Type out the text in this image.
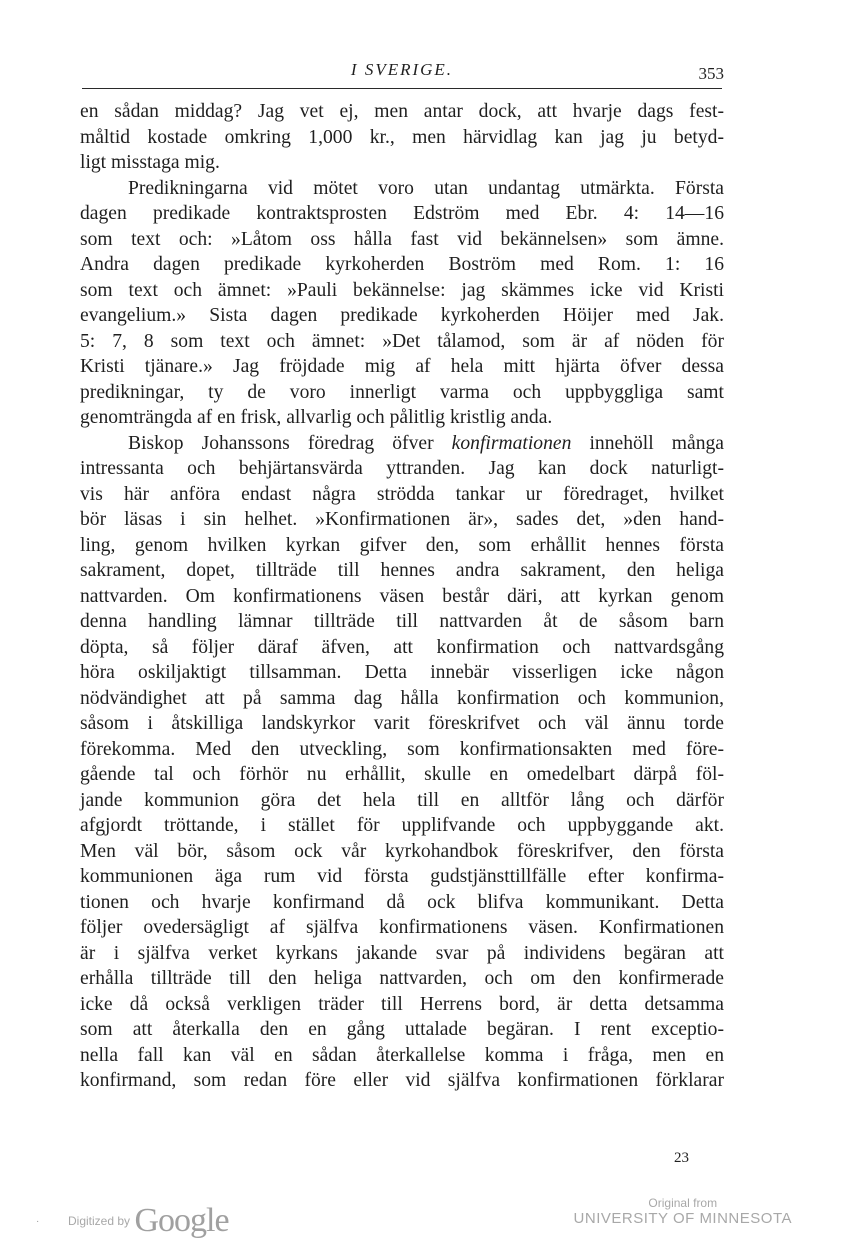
I SVERIGE.	353
en sådan middag? Jag vet ej, men antar dock, att hvarje dags fest-
måltid kostade omkring 1,000 kr., men härvidlag kan jag ju betyd-
ligt misstaga mig.
Predikningarna vid mötet voro utan undantag utmärkta. Första
dagen predikade kontraktsprosten Edström med Ebr. 4: 14—16
som text och: »Låtom oss hålla fast vid bekännelsen» som ämne.
Andra dagen predikade kyrkoherden Boström med Rom. 1: 16
som text och ämnet: »Pauli bekännelse: jag skämmes icke vid Kristi
evangelium.» Sista dagen predikade kyrkoherden Höijer med Jak.
5: 7, 8 som text och ämnet: »Det tålamod, som är af nöden för
Kristi tjänare.» Jag fröjdade mig af hela mitt hjärta öfver dessa
predikningar, ty de voro innerligt varma och uppbyggliga samt
genomträngda af en frisk, allvarlig och pålitlig kristlig anda.
Biskop Johanssons föredrag öfver konfirmationen innehöll många
intressanta och behjärtansvärda yttranden. Jag kan dock naturligt-
vis här anföra endast några strödda tankar ur föredraget, hvilket
bör läsas i sin helhet. »Konfirmationen är», sades det, »den hand-
ling, genom hvilken kyrkan gifver den, som erhållit hennes första
sakrament, dopet, tillträde till hennes andra sakrament, den heliga
nattvarden. Om konfirmationens väsen består däri, att kyrkan genom
denna handling lämnar tillträde till nattvarden åt de såsom barn
döpta, så följer däraf äfven, att konfirmation och nattvardsgång
höra oskiljaktigt tillsamman. Detta innebär visserligen icke någon
nödvändighet att på samma dag hålla konfirmation och kommunion,
såsom i åtskilliga landskyrkor varit föreskrifvet och väl ännu torde
förekomma. Med den utveckling, som konfirmationsakten med före-
gående tal och förhör nu erhållit, skulle en omedelbart därpå föl-
jande kommunion göra det hela till en alltför lång och därför
afgjordt tröttande, i stället för upplifvande och uppbyggande akt.
Men väl bör, såsom ock vår kyrkohandbok föreskrifver, den första
kommunionen äga rum vid första gudstjänsttillfälle efter konfirma-
tionen och hvarje konfirmand då ock blifva kommunikant. Detta
följer ovedersägligt af själfva konfirmationens väsen. Konfirmationen
är i själfva verket kyrkans jakande svar på individens begäran att
erhålla tillträde till den heliga nattvarden, och om den konfirmerade
icke då också verkligen träder till Herrens bord, är detta detsamma
som att återkalla den en gång uttalade begäran. I rent exceptio-
nella fall kan väl en sådan återkallelse komma i fråga, men en
konfirmand, som redan före eller vid själfva konfirmationen förklarar
23
· Digitized by Google	Original from
UNIVERSITY OF MINNESOTA
